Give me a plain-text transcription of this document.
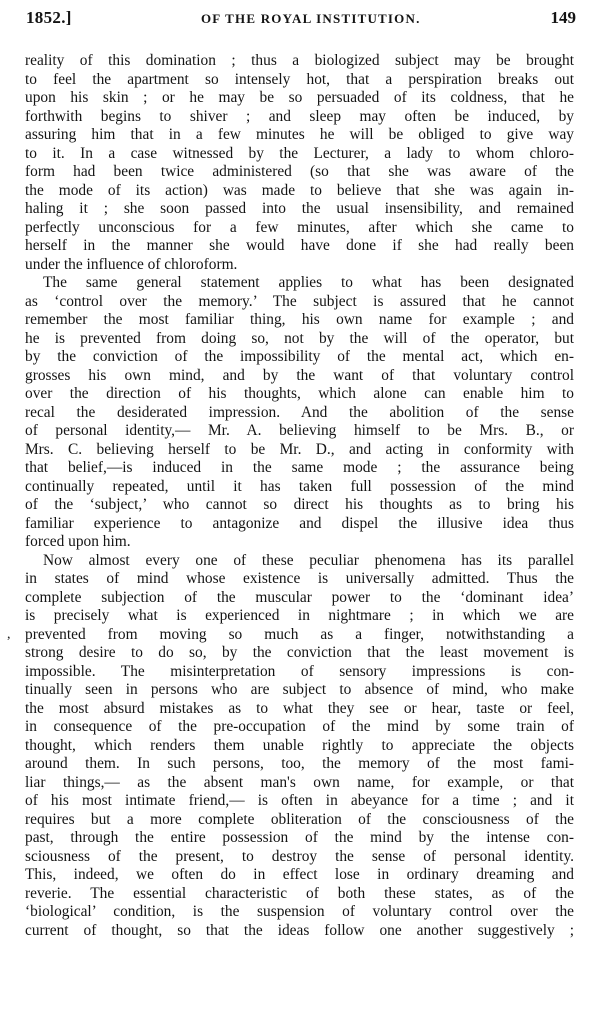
1852.]	OF THE ROYAL INSTITUTION.	149
reality of this domination ; thus a biologized subject may be brought
to feel the apartment so intensely hot, that a perspiration breaks out
upon his skin ; or he may be so persuaded of its coldness, that he
forthwith begins to shiver ; and sleep may often be induced, by
assuring him that in a few minutes he will be obliged to give way
to it. In a case witnessed by the Lecturer, a lady to whom chloro-
form had been twice administered (so that she was aware of the
the mode of its action) was made to believe that she was again in-
haling it ; she soon passed into the usual insensibility, and remained
perfectly unconscious for a few minutes, after which she came to
herself in the manner she would have done if she had really been
under the influence of chloroform.
The same general statement applies to what has been designated
as ‘control over the memory.’ The subject is assured that he cannot
remember the most familiar thing, his own name for example ; and
he is prevented from doing so, not by the will of the operator, but
by the conviction of the impossibility of the mental act, which en-
grosses his own mind, and by the want of that voluntary control
over the direction of his thoughts, which alone can enable him to
recal the desiderated impression. And the abolition of the sense
of personal identity,— Mr. A. believing himself to be Mrs. B., or
Mrs. C. believing herself to be Mr. D., and acting in conformity with
that belief,—is induced in the same mode ; the assurance being
continually repeated, until it has taken full possession of the mind
of the ‘subject,’ who cannot so direct his thoughts as to bring his
familiar experience to antagonize and dispel the illusive idea thus
forced upon him.
Now almost every one of these peculiar phenomena has its parallel
in states of mind whose existence is universally admitted. Thus the
complete subjection of the muscular power to the ‘dominant idea’
is precisely what is experienced in nightmare ; in which we are
prevented from moving so much as a finger, notwithstanding a
strong desire to do so, by the conviction that the least movement is
impossible. The misinterpretation of sensory impressions is con-
tinually seen in persons who are subject to absence of mind, who make
the most absurd mistakes as to what they see or hear, taste or feel,
in consequence of the pre-occupation of the mind by some train of
thought, which renders them unable rightly to appreciate the objects
around them. In such persons, too, the memory of the most fami-
liar things,— as the absent man's own name, for example, or that
of his most intimate friend,— is often in abeyance for a time ; and it
requires but a more complete obliteration of the consciousness of the
past, through the entire possession of the mind by the intense con-
sciousness of the present, to destroy the sense of personal identity.
This, indeed, we often do in effect lose in ordinary dreaming and
reverie. The essential characteristic of both these states, as of the
‘biological’ condition, is the suspension of voluntary control over the
current of thought, so that the ideas follow one another suggestively ;
,
